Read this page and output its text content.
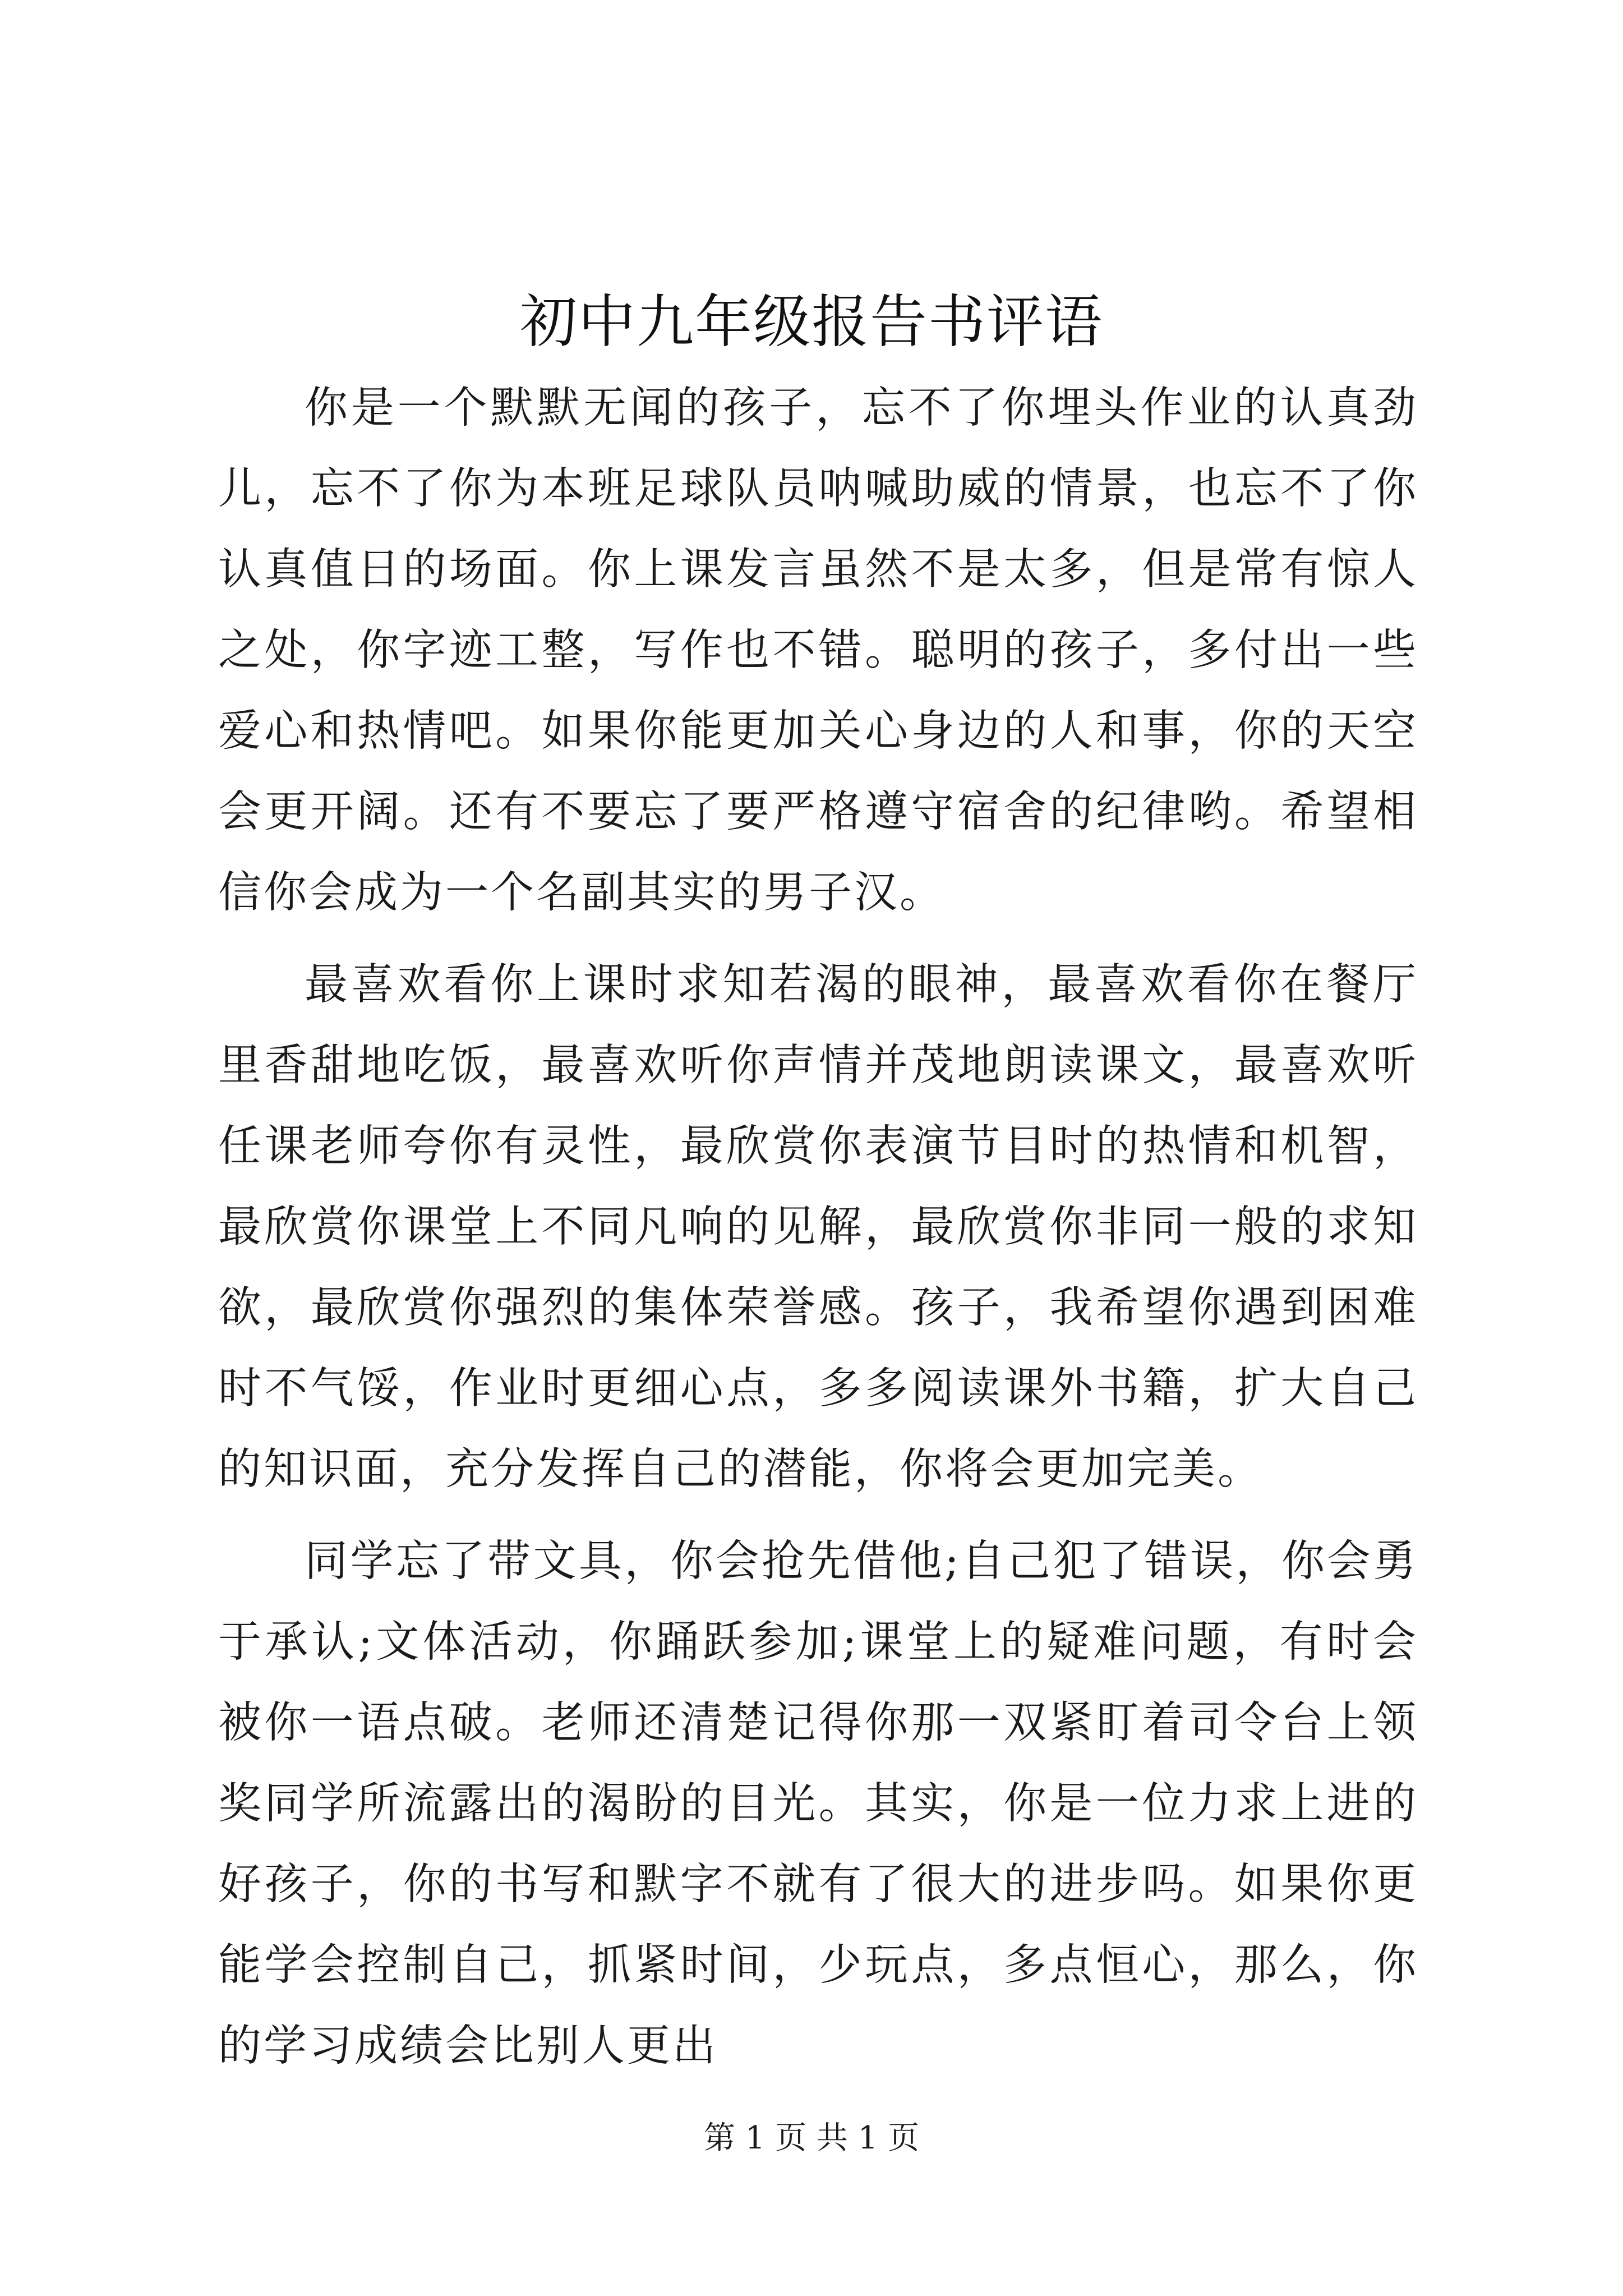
初中九年级报告书评语

你是一个默默无闻的孩子，忘不了你埋头作业的认真劲儿，忘不了你为本班足球队员呐喊助威的情景，也忘不了你认真值日的场面。你上课发言虽然不是太多，但是常有惊人之处，你字迹工整，写作也不错。聪明的孩子，多付出一些爱心和热情吧。如果你能更加关心身边的人和事，你的天空会更开阔。还有不要忘了要严格遵守宿舍的纪律哟。希望相信你会成为一个名副其实的男子汉。

最喜欢看你上课时求知若渴的眼神，最喜欢看你在餐厅里香甜地吃饭，最喜欢听你声情并茂地朗读课文，最喜欢听任课老师夸你有灵性，最欣赏你表演节目时的热情和机智，最欣赏你课堂上不同凡响的见解，最欣赏你非同一般的求知欲，最欣赏你强烈的集体荣誉感。孩子，我希望你遇到困难时不气馁，作业时更细心点，多多阅读课外书籍，扩大自己的知识面，充分发挥自己的潜能，你将会更加完美。

同学忘了带文具，你会抢先借他;自己犯了错误，你会勇于承认;文体活动，你踊跃参加;课堂上的疑难问题，有时会被你一语点破。老师还清楚记得你那一双紧盯着司令台上领奖同学所流露出的渴盼的目光。其实，你是一位力求上进的好孩子，你的书写和默字不就有了很大的进步吗。如果你更能学会控制自己，抓紧时间，少玩点，多点恒心，那么，你的学习成绩会比别人更出

第 1 页 共 1 页
